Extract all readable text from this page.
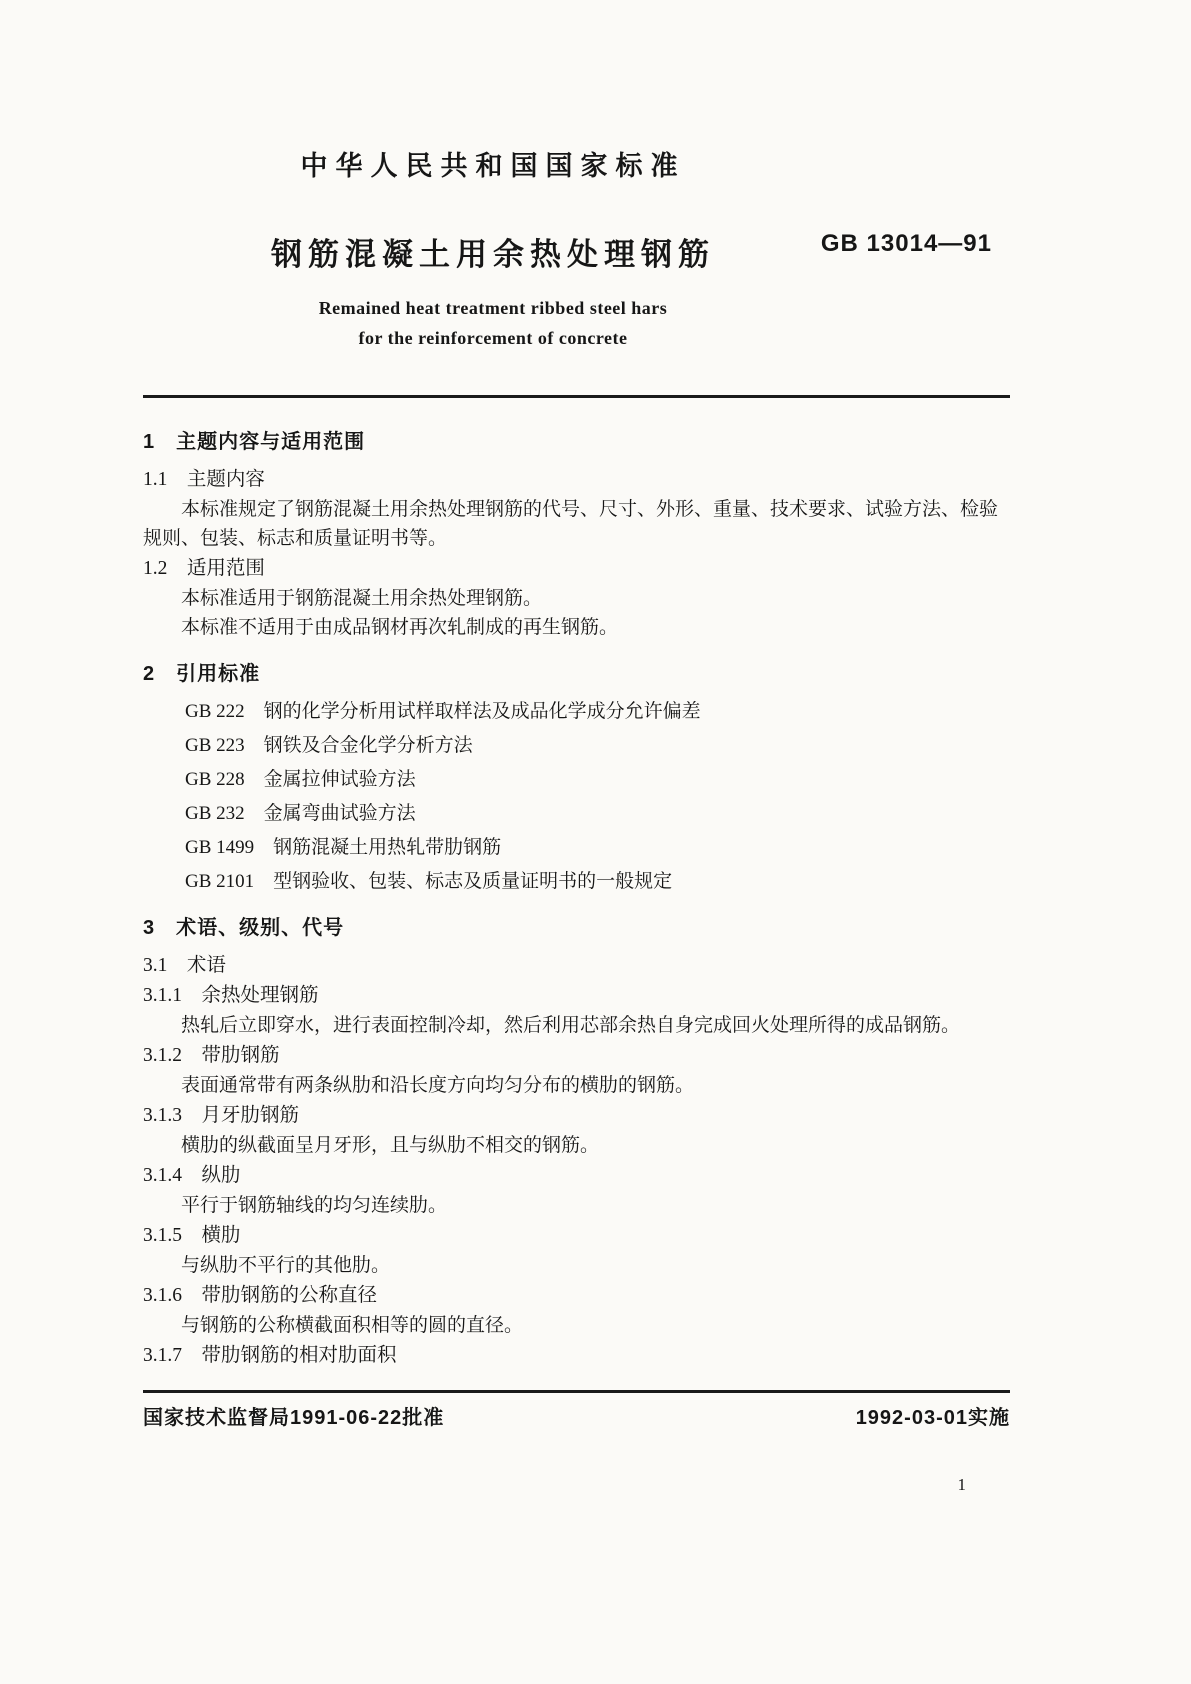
中华人民共和国国家标准
钢筋混凝土用余热处理钢筋
Remained heat treatment ribbed steel hars
for the reinforcement of concrete
GB 13014—91
1　主题内容与适用范围
1.1　主题内容
本标准规定了钢筋混凝土用余热处理钢筋的代号、尺寸、外形、重量、技术要求、试验方法、检验规则、包装、标志和质量证明书等。
1.2　适用范围
本标准适用于钢筋混凝土用余热处理钢筋。
本标准不适用于由成品钢材再次轧制成的再生钢筋。
2　引用标准
GB 222　钢的化学分析用试样取样法及成品化学成分允许偏差
GB 223　钢铁及合金化学分析方法
GB 228　金属拉伸试验方法
GB 232　金属弯曲试验方法
GB 1499　钢筋混凝土用热轧带肋钢筋
GB 2101　型钢验收、包装、标志及质量证明书的一般规定
3　术语、级别、代号
3.1　术语
3.1.1　余热处理钢筋
热轧后立即穿水，进行表面控制冷却，然后利用芯部余热自身完成回火处理所得的成品钢筋。
3.1.2　带肋钢筋
表面通常带有两条纵肋和沿长度方向均匀分布的横肋的钢筋。
3.1.3　月牙肋钢筋
横肋的纵截面呈月牙形，且与纵肋不相交的钢筋。
3.1.4　纵肋
平行于钢筋轴线的均匀连续肋。
3.1.5　横肋
与纵肋不平行的其他肋。
3.1.6　带肋钢筋的公称直径
与钢筋的公称横截面积相等的圆的直径。
3.1.7　带肋钢筋的相对肋面积
国家技术监督局1991-06-22批准	1992-03-01实施
1
